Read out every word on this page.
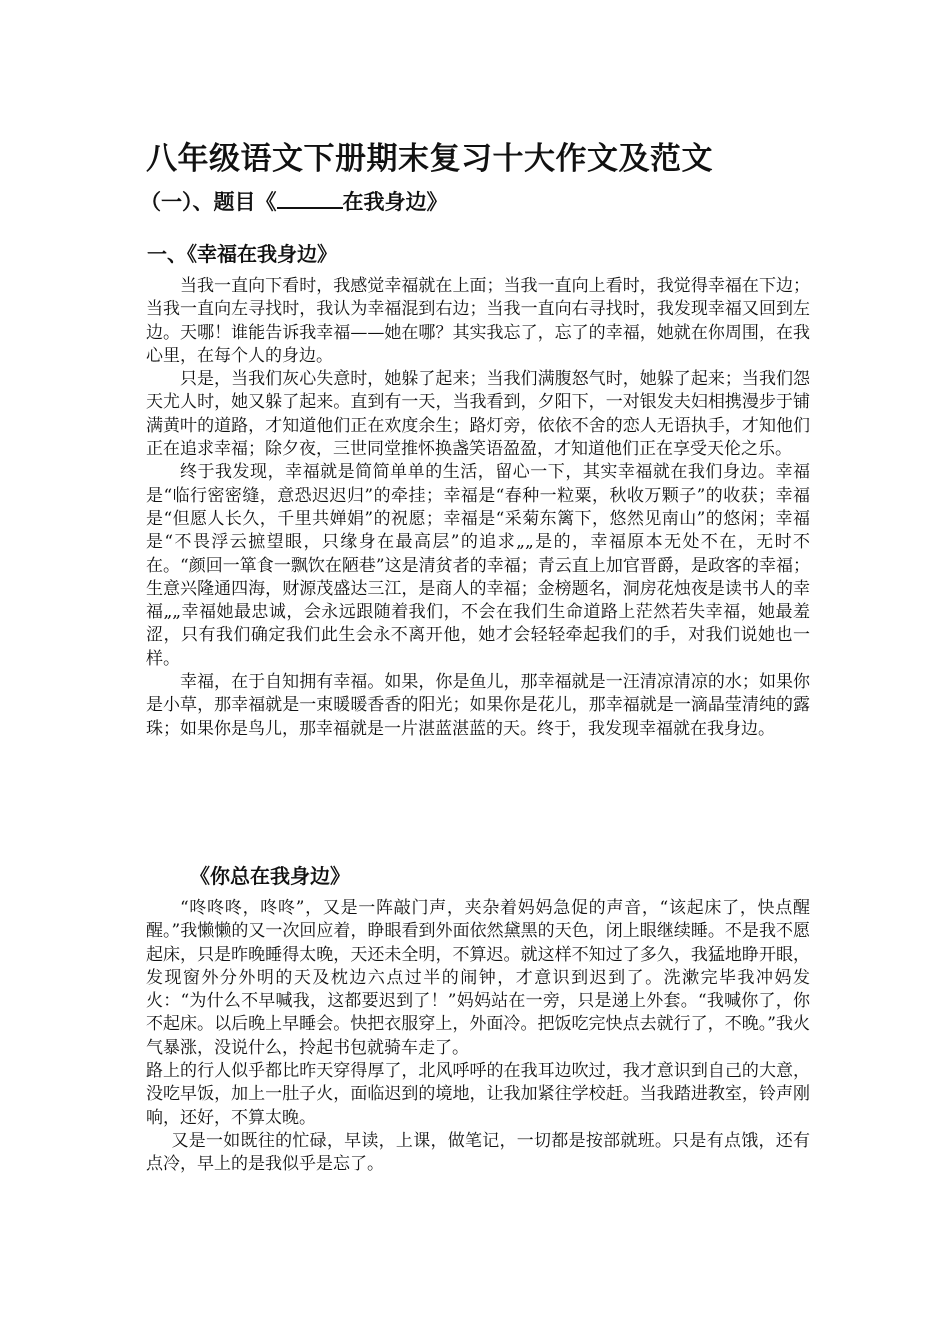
八年级语文下册期末复习十大作文及范文
（一）、题目《	在我身边》
一、《幸福在我身边》

当我一直向下看时，我感觉幸福就在上面；当我一直向上看时，我觉得幸福在下边；当我一直向左寻找时，我认为幸福混到右边；当我一直向右寻找时，我发现幸福又回到左边。天哪！谁能告诉我幸福——她在哪？其实我忘了，忘了的幸福，她就在你周围，在我心里，在每个人的身边。

只是，当我们灰心失意时，她躲了起来；当我们满腹怒气时，她躲了起来；当我们怨天尤人时，她又躲了起来。直到有一天，当我看到，夕阳下，一对银发夫妇相携漫步于铺满黄叶的道路，才知道他们正在欢度余生；路灯旁，依依不舍的恋人无语执手，才知他们正在追求幸福；除夕夜，三世同堂推怀换盏笑语盈盈，才知道他们正在享受天伦之乐。

终于我发现，幸福就是简简单单的生活，留心一下，其实幸福就在我们身边。幸福是“临行密密缝，意恐迟迟归”的牵挂；幸福是“春种一粒粟，秋收万颗子”的收获；幸福是“但愿人长久，千里共婵娟”的祝愿；幸福是“采菊东篱下，悠然见南山”的悠闲；幸福是“不畏浮云摭望眼，只缘身在最高层”的追求„„是的，幸福原本无处不在，无时不在。“颜回一箪食一飘饮在陋巷”这是清贫者的幸福；青云直上加官晋爵，是政客的幸福；生意兴隆通四海，财源茂盛达三江，是商人的幸福；金榜题名，洞房花烛夜是读书人的幸福„„幸福她最忠诚，会永远跟随着我们，不会在我们生命道路上茫然若失幸福，她最羞涩，只有我们确定我们此生会永不离开他，她才会轻轻牵起我们的手，对我们说她也一样。

幸福，在于自知拥有幸福。如果，你是鱼儿，那幸福就是一汪清凉清凉的水；如果你是小草，那幸福就是一束暖暖香香的阳光；如果你是花儿，那幸福就是一滴晶莹清纯的露珠；如果你是鸟儿，那幸福就是一片湛蓝湛蓝的天。终于，我发现幸福就在我身边。

《你总在我身边》

“咚咚咚，咚咚”，又是一阵敲门声，夹杂着妈妈急促的声音，“该起床了，快点醒醒。”我懒懒的又一次回应着，睁眼看到外面依然黛黑的天色，闭上眼继续睡。不是我不愿起床，只是昨晚睡得太晚，天还未全明，不算迟。就这样不知过了多久，我猛地睁开眼，发现窗外分外明的天及枕边六点过半的闹钟，才意识到迟到了。洗漱完毕我冲妈发火：“为什么不早喊我，这都要迟到了！”妈妈站在一旁，只是递上外套。“我喊你了，你不起床。以后晚上早睡会。快把衣服穿上，外面冷。把饭吃完快点去就行了，不晚。”我火气暴涨，没说什么，拎起书包就骑车走了。

路上的行人似乎都比昨天穿得厚了，北风呼呼的在我耳边吹过，我才意识到自己的大意，没吃早饭，加上一肚子火，面临迟到的境地，让我加紧往学校赶。当我踏进教室，铃声刚响，还好，不算太晚。

又是一如既往的忙碌，早读，上课，做笔记，一切都是按部就班。只是有点饿，还有点冷，早上的是我似乎是忘了。
